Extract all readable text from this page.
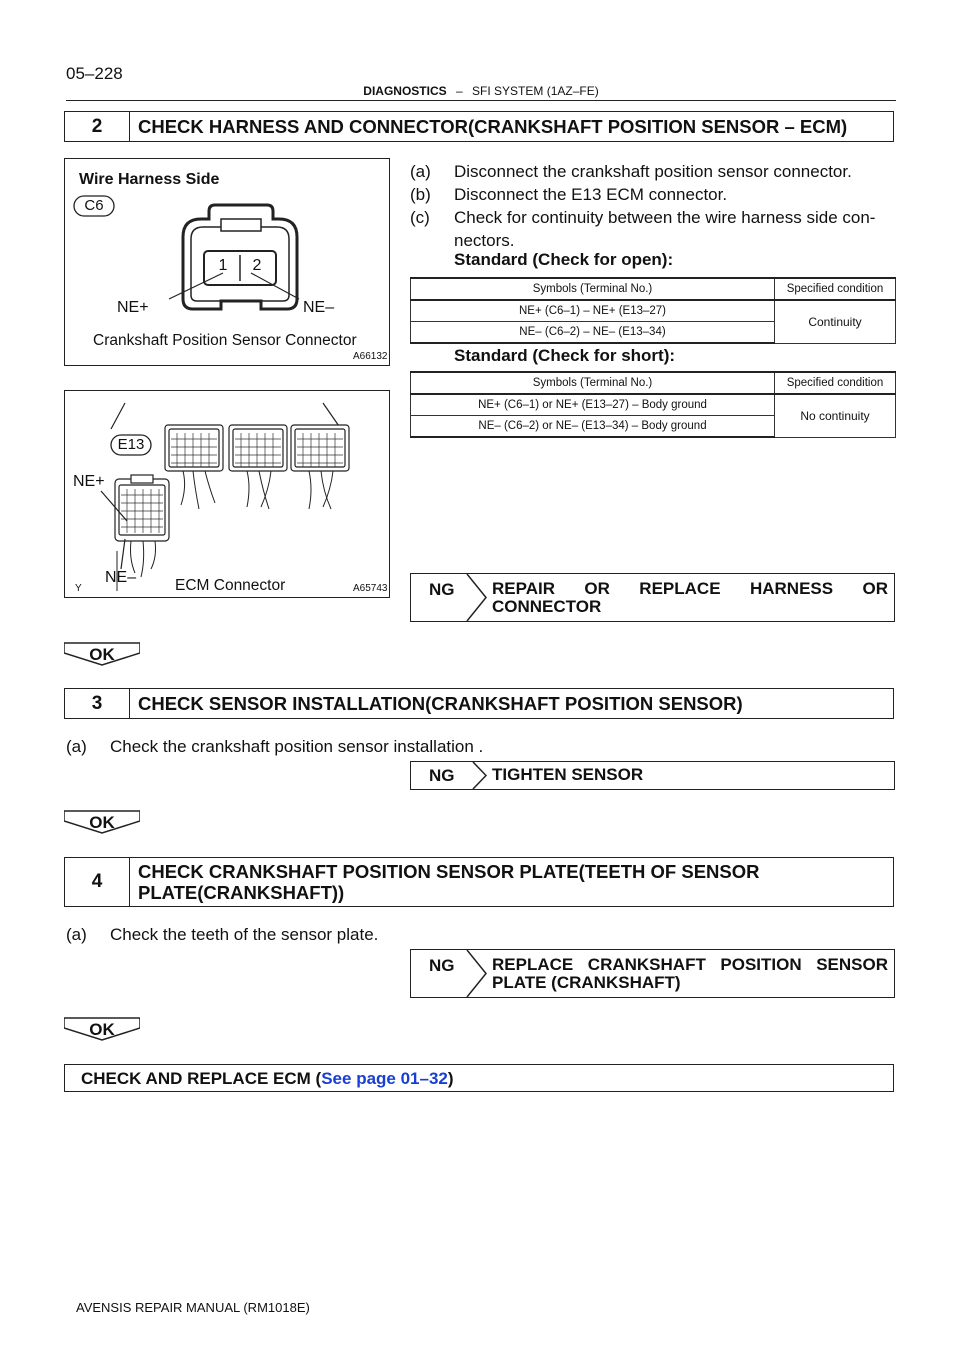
05–228
DIAGNOSTICS – SFI SYSTEM (1AZ–FE)
2	CHECK HARNESS AND CONNECTOR(CRANKSHAFT POSITION SENSOR – ECM)
Wire Harness Side
C6
1	2
NE+	NE–
Crankshaft Position Sensor Connector
A66132
E13
NE+
NE–	ECM Connector
Y	A65743
(a)	Disconnect the crankshaft position sensor connector.
(b)	Disconnect the E13 ECM connector.
(c)	Check for continuity between the wire harness side con-
nectors.
Standard (Check for open):
Symbols (Terminal No.)	Specified condition
NE+ (C6–1) – NE+ (E13–27)	Continuity
NE– (C6–2) – NE– (E13–34)	
Standard (Check for short):
Symbols (Terminal No.)	Specified condition
NE+ (C6–1) or NE+ (E13–27) – Body ground	No continuity
NE– (C6–2) or NE– (E13–34) – Body ground	
NG REPAIR OR REPLACE HARNESS OR
CONNECTOR
OK
3	CHECK SENSOR INSTALLATION(CRANKSHAFT POSITION SENSOR)
(a)	Check the crankshaft position sensor installation .
NG	TIGHTEN SENSOR
OK
4	CHECK CRANKSHAFT POSITION SENSOR PLATE(TEETH OF SENSOR
PLATE(CRANKSHAFT))
(a)	Check the teeth of the sensor plate.
NG REPLACE CRANKSHAFT POSITION SENSOR
PLATE (CRANKSHAFT)
OK
CHECK AND REPLACE ECM (See page 01–32)
AVENSIS REPAIR MANUAL (RM1018E)
